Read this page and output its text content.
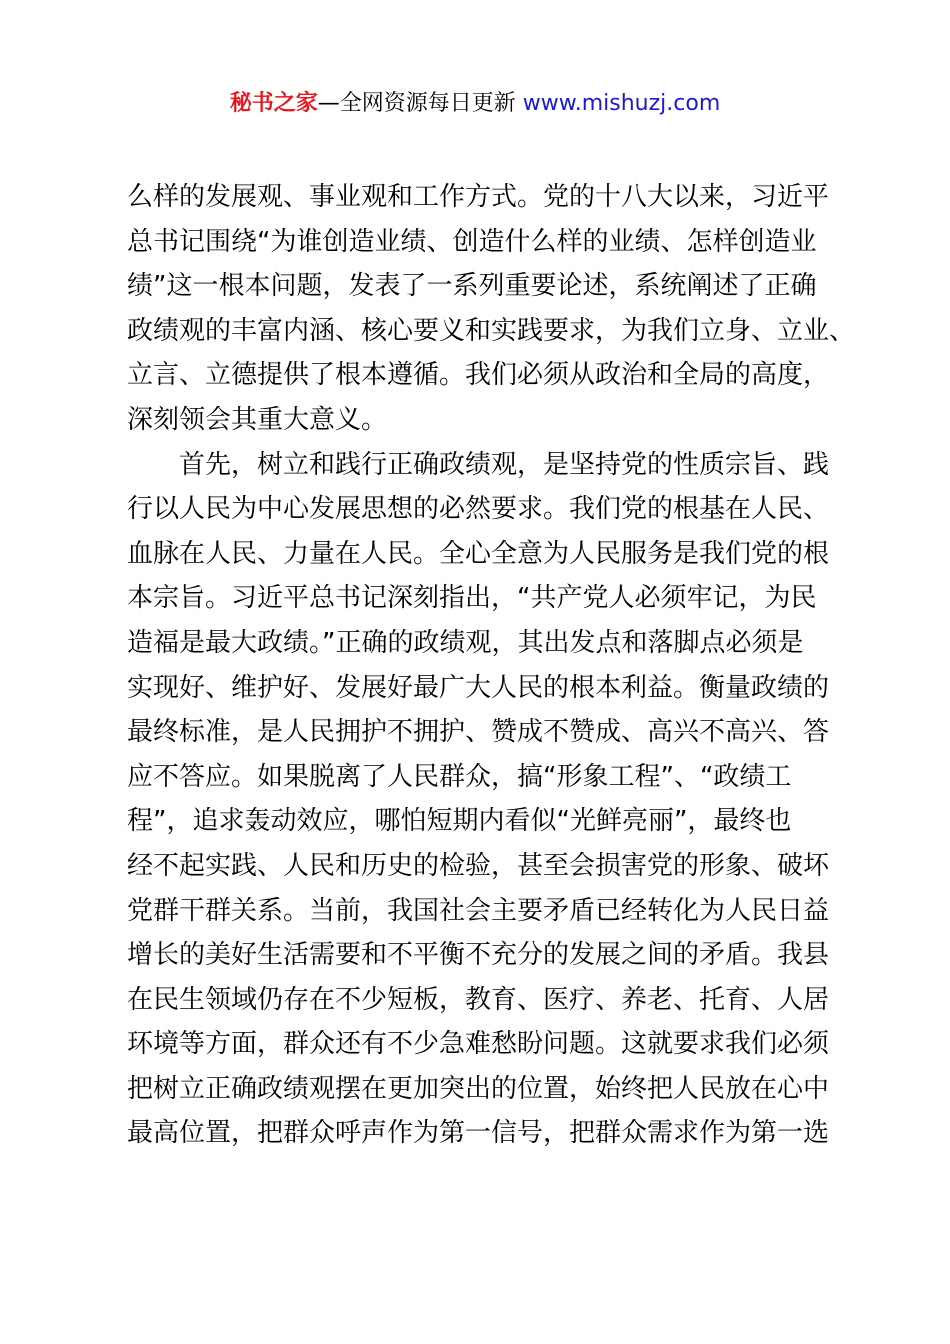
秘书之家—全网资源每日更新 www.mishuzj.com
么样的发展观、事业观和工作方式。党的十八大以来，习近平
总书记围绕“为谁创造业绩、创造什么样的业绩、怎样创造业
绩”这一根本问题，发表了一系列重要论述，系统阐述了正确
政绩观的丰富内涵、核心要义和实践要求，为我们立身、立业、
立言、立德提供了根本遵循。我们必须从政治和全局的高度，
深刻领会其重大意义。
首先，树立和践行正确政绩观，是坚持党的性质宗旨、践
行以人民为中心发展思想的必然要求。我们党的根基在人民、
血脉在人民、力量在人民。全心全意为人民服务是我们党的根
本宗旨。习近平总书记深刻指出，“共产党人必须牢记，为民
造福是最大政绩。”正确的政绩观，其出发点和落脚点必须是
实现好、维护好、发展好最广大人民的根本利益。衡量政绩的
最终标准，是人民拥护不拥护、赞成不赞成、高兴不高兴、答
应不答应。如果脱离了人民群众，搞“形象工程”、“政绩工
程”，追求轰动效应，哪怕短期内看似“光鲜亮丽”，最终也
经不起实践、人民和历史的检验，甚至会损害党的形象、破坏
党群干群关系。当前，我国社会主要矛盾已经转化为人民日益
增长的美好生活需要和不平衡不充分的发展之间的矛盾。我县
在民生领域仍存在不少短板，教育、医疗、养老、托育、人居
环境等方面，群众还有不少急难愁盼问题。这就要求我们必须
把树立正确政绩观摆在更加突出的位置，始终把人民放在心中
最高位置，把群众呼声作为第一信号，把群众需求作为第一选
